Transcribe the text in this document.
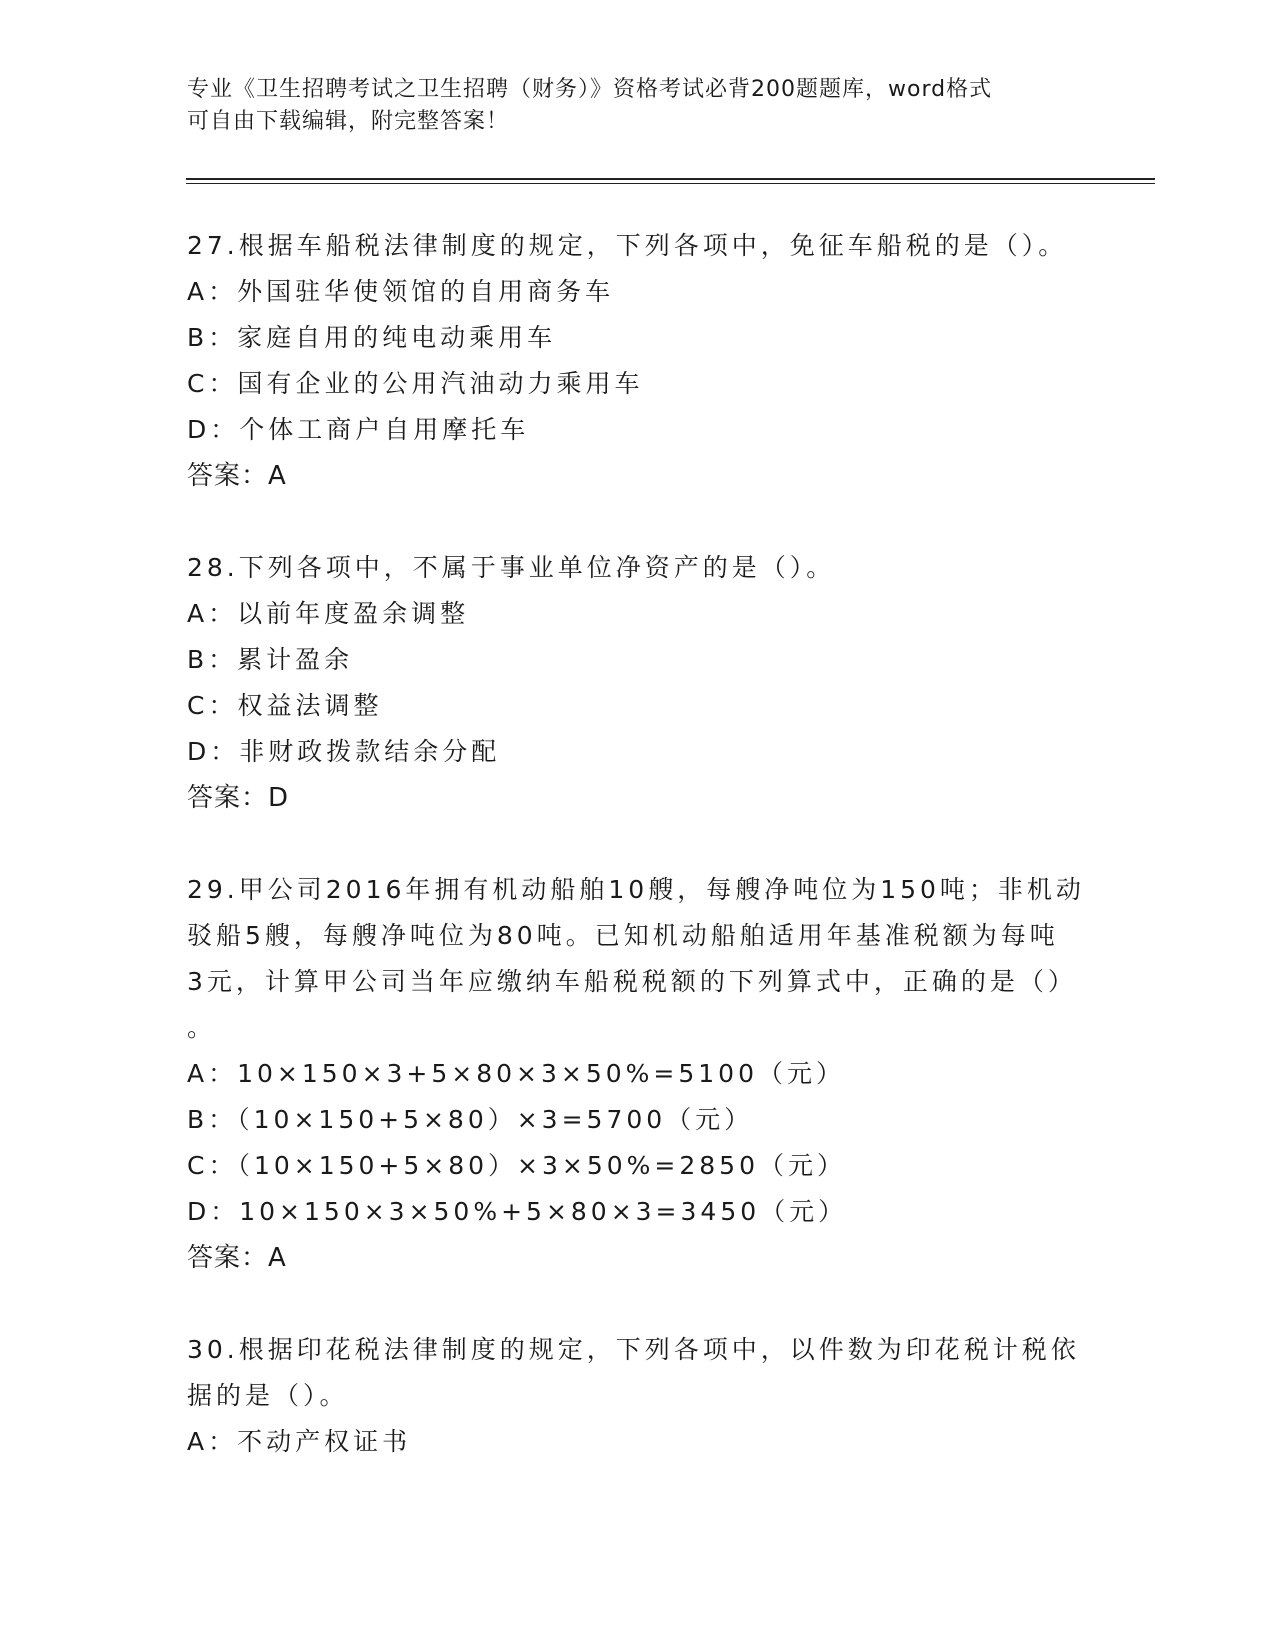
专业《卫生招聘考试之卫生招聘（财务）》资格考试必背200题题库，word格式
可自由下载编辑，附完整答案！
27.根据车船税法律制度的规定，下列各项中，免征车船税的是（）。
A：外国驻华使领馆的自用商务车
B：家庭自用的纯电动乘用车
C：国有企业的公用汽油动力乘用车
D：个体工商户自用摩托车
答案：A
28.下列各项中，不属于事业单位净资产的是（）。
A：以前年度盈余调整
B：累计盈余
C：权益法调整
D：非财政拨款结余分配
答案：D
29.甲公司2016年拥有机动船舶10艘，每艘净吨位为150吨；非机动
驳船5艘，每艘净吨位为80吨。已知机动船舶适用年基准税额为每吨
3元，计算甲公司当年应缴纳车船税税额的下列算式中，正确的是（）
。
A：10×150×3+5×80×3×50%=5100（元）
B：（10×150+5×80）×3=5700（元）
C：（10×150+5×80）×3×50%=2850（元）
D：10×150×3×50%+5×80×3=3450（元）
答案：A
30.根据印花税法律制度的规定，下列各项中，以件数为印花税计税依
据的是（）。
A：不动产权证书
